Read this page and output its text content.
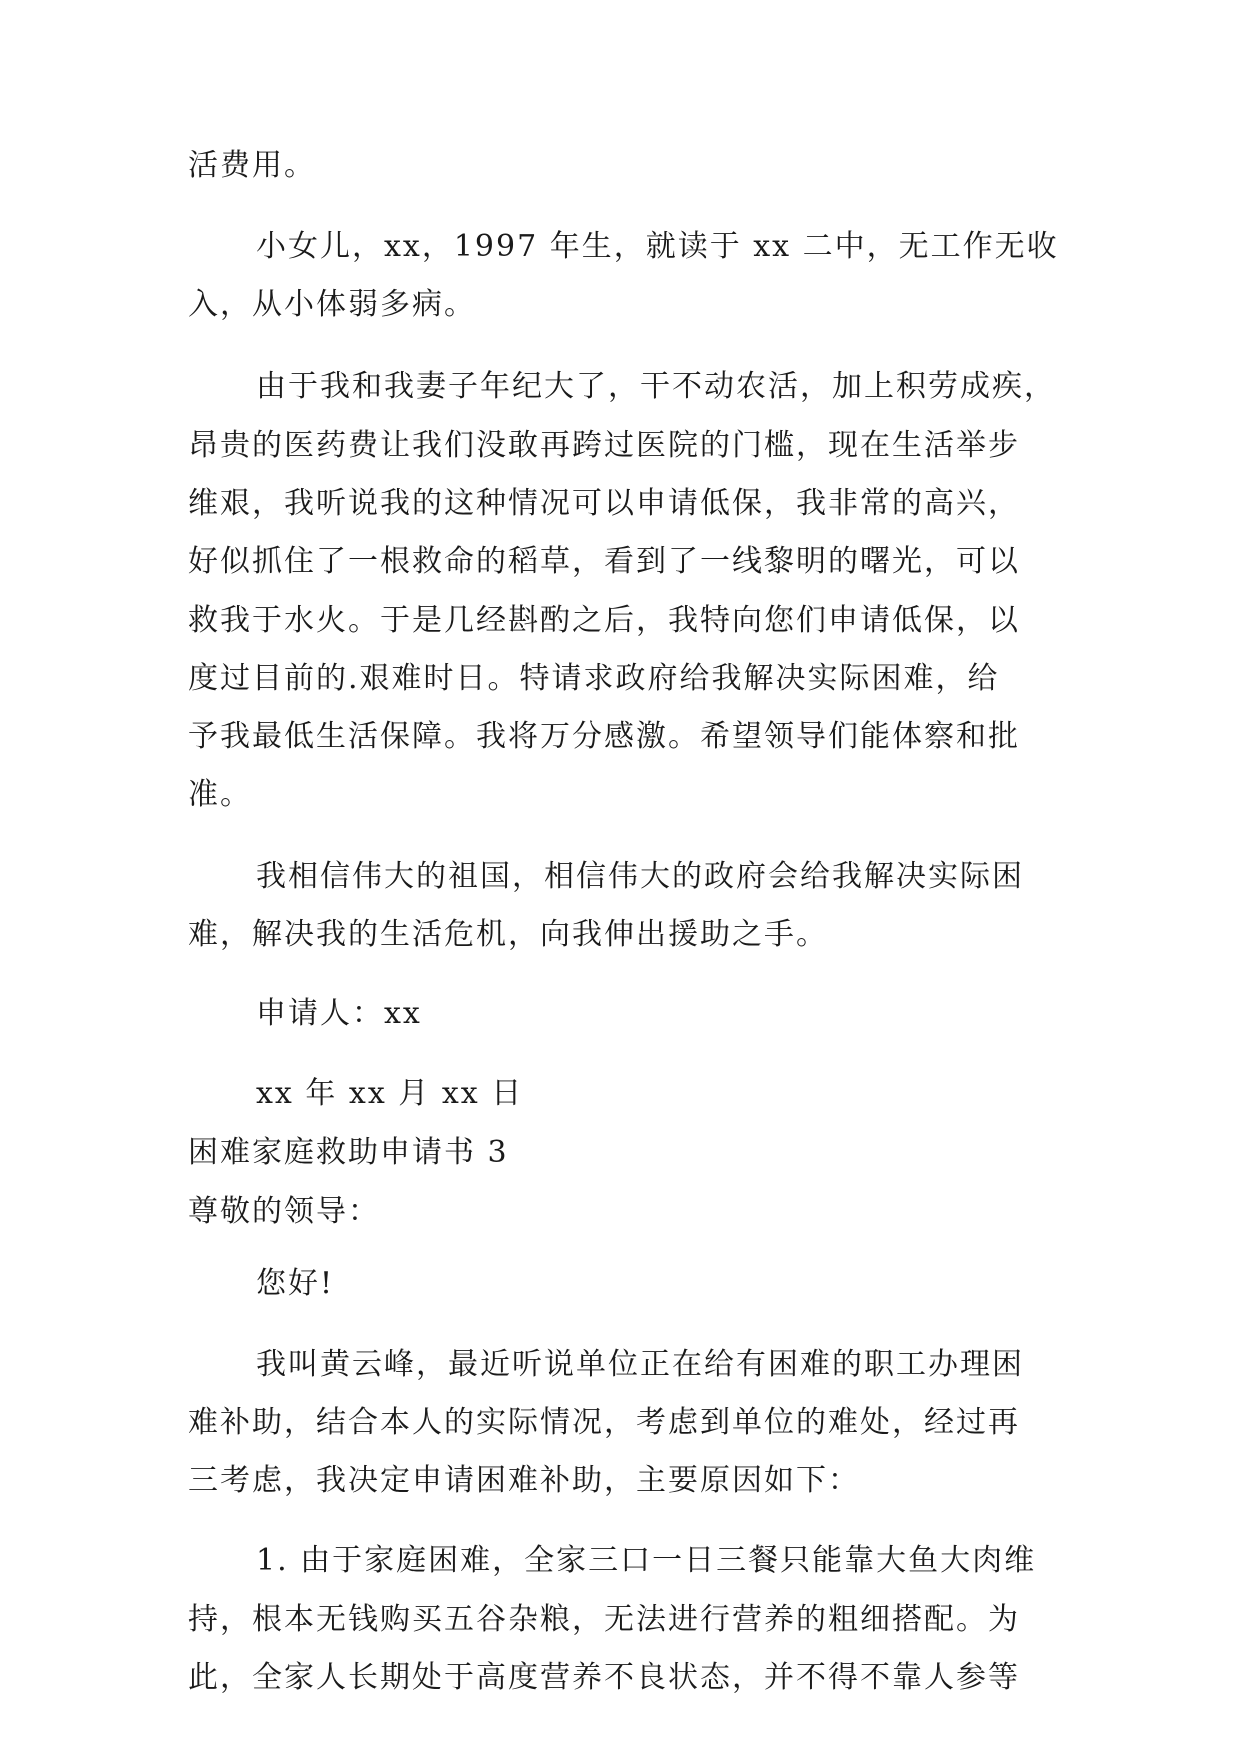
活费用。
小女儿，xx，1997 年生，就读于 xx 二中，无工作无收
入，从小体弱多病。
由于我和我妻子年纪大了，干不动农活，加上积劳成疾，
昂贵的医药费让我们没敢再跨过医院的门槛，现在生活举步
维艰，我听说我的这种情况可以申请低保，我非常的高兴，
好似抓住了一根救命的稻草，看到了一线黎明的曙光，可以
救我于水火。于是几经斟酌之后，我特向您们申请低保，以
度过目前的.艰难时日。特请求政府给我解决实际困难，给
予我最低生活保障。我将万分感激。希望领导们能体察和批
准。
我相信伟大的祖国，相信伟大的政府会给我解决实际困
难，解决我的生活危机，向我伸出援助之手。
申请人：xx
xx 年 xx 月 xx 日
困难家庭救助申请书 3
尊敬的领导：
您好!
我叫黄云峰，最近听说单位正在给有困难的职工办理困
难补助，结合本人的实际情况，考虑到单位的难处，经过再
三考虑，我决定申请困难补助，主要原因如下：
1. 由于家庭困难，全家三口一日三餐只能靠大鱼大肉维
持，根本无钱购买五谷杂粮，无法进行营养的粗细搭配。为
此，全家人长期处于高度营养不良状态，并不得不靠人参等
